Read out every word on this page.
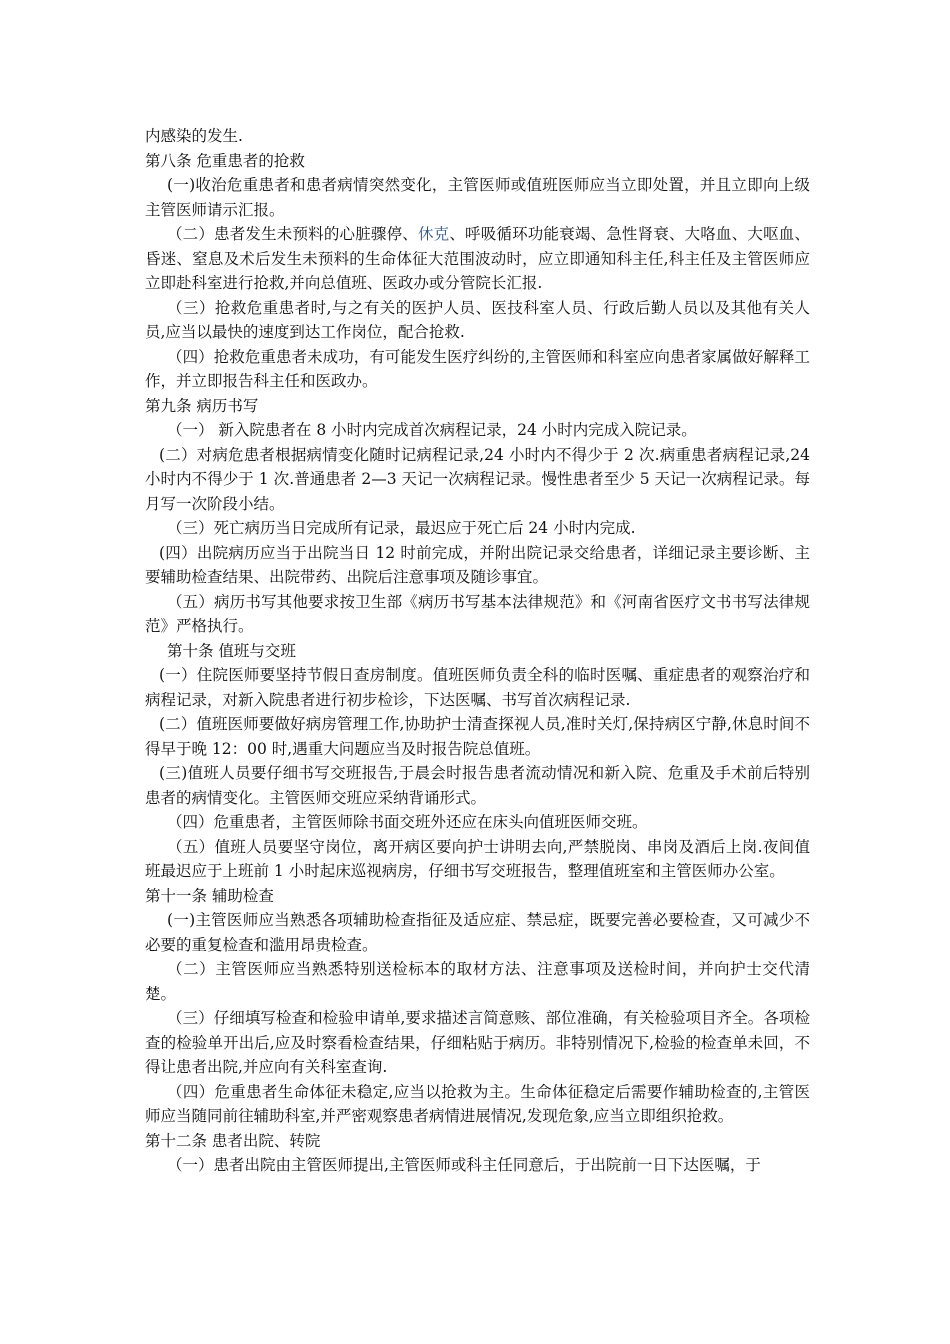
内感染的发生.

第八条 危重患者的抢救

(一)收治危重患者和患者病情突然变化，主管医师或值班医师应当立即处置，并且立即向上级主管医师请示汇报。

（二）患者发生未预料的心脏骤停、休克、呼吸循环功能衰竭、急性肾衰、大咯血、大呕血、昏迷、窒息及术后发生未预料的生命体征大范围波动时，应立即通知科主任,科主任及主管医师应立即赴科室进行抢救,并向总值班、医政办或分管院长汇报.

（三）抢救危重患者时,与之有关的医护人员、医技科室人员、行政后勤人员以及其他有关人员,应当以最快的速度到达工作岗位，配合抢救.

（四）抢救危重患者未成功，有可能发生医疗纠纷的,主管医师和科室应向患者家属做好解释工作，并立即报告科主任和医政办。

第九条 病历书写

（一） 新入院患者在 8 小时内完成首次病程记录，24 小时内完成入院记录。

(二）对病危患者根据病情变化随时记病程记录,24 小时内不得少于 2 次.病重患者病程记录,24 小时内不得少于 1 次.普通患者 2—3 天记一次病程记录。慢性患者至少 5 天记一次病程记录。每月写一次阶段小结。

（三）死亡病历当日完成所有记录，最迟应于死亡后 24 小时内完成.

(四）出院病历应当于出院当日 12 时前完成，并附出院记录交给患者，详细记录主要诊断、主要辅助检查结果、出院带药、出院后注意事项及随诊事宜。

（五）病历书写其他要求按卫生部《病历书写基本法律规范》和《河南省医疗文书书写法律规范》严格执行。

第十条 值班与交班

(一）住院医师要坚持节假日查房制度。值班医师负责全科的临时医嘱、重症患者的观察治疗和病程记录，对新入院患者进行初步检诊，下达医嘱、书写首次病程记录.

(二）值班医师要做好病房管理工作,协助护士清查探视人员,准时关灯,保持病区宁静,休息时间不得早于晚 12：00 时,遇重大问题应当及时报告院总值班。

(三)值班人员要仔细书写交班报告,于晨会时报告患者流动情况和新入院、危重及手术前后特别患者的病情变化。主管医师交班应采纳背诵形式。

（四）危重患者，主管医师除书面交班外还应在床头向值班医师交班。

（五）值班人员要坚守岗位，离开病区要向护士讲明去向,严禁脱岗、串岗及酒后上岗.夜间值班最迟应于上班前 1 小时起床巡视病房，仔细书写交班报告，整理值班室和主管医师办公室。

第十一条 辅助检查

(一)主管医师应当熟悉各项辅助检查指征及适应症、禁忌症，既要完善必要检查，又可减少不必要的重复检查和滥用昂贵检查。

（二）主管医师应当熟悉特别送检标本的取材方法、注意事项及送检时间，并向护士交代清楚。

（三）仔细填写检查和检验申请单,要求描述言简意赅、部位准确，有关检验项目齐全。各项检查的检验单开出后,应及时察看检查结果，仔细粘贴于病历。非特别情况下,检验的检查单未回，不得让患者出院,并应向有关科室查询.

（四）危重患者生命体征未稳定,应当以抢救为主。生命体征稳定后需要作辅助检查的,主管医师应当随同前往辅助科室,并严密观察患者病情进展情况,发现危象,应当立即组织抢救。

第十二条 患者出院、转院

（一）患者出院由主管医师提出,主管医师或科主任同意后，于出院前一日下达医嘱，于
